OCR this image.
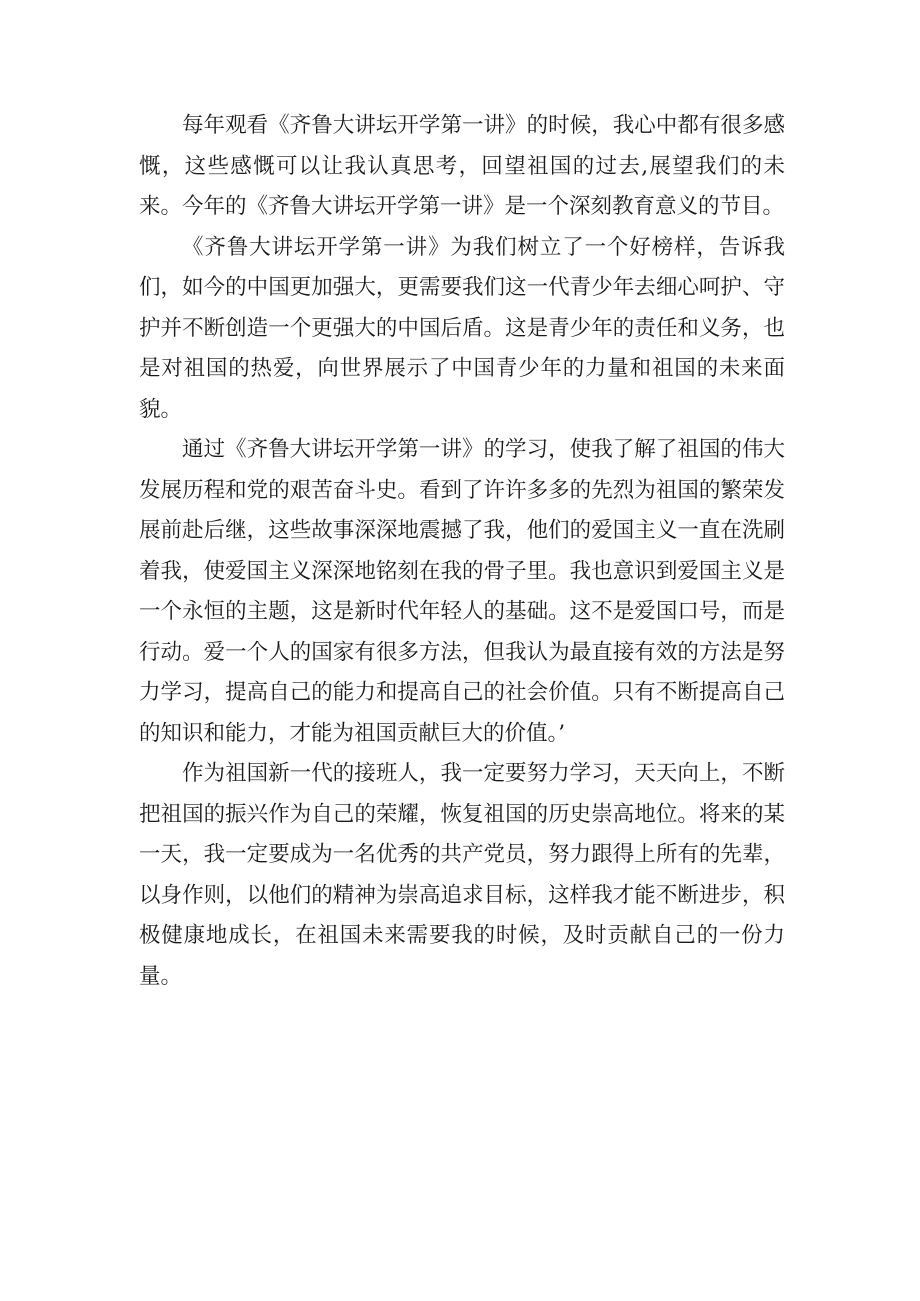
每年观看《齐鲁大讲坛开学第一讲》的时候，我心中都有很多感慨，这些感慨可以让我认真思考，回望祖国的过去,展望我们的未来。今年的《齐鲁大讲坛开学第一讲》是一个深刻教育意义的节目。

《齐鲁大讲坛开学第一讲》为我们树立了一个好榜样，告诉我们，如今的中国更加强大，更需要我们这一代青少年去细心呵护、守护并不断创造一个更强大的中国后盾。这是青少年的责任和义务，也是对祖国的热爱，向世界展示了中国青少年的力量和祖国的未来面貌。

通过《齐鲁大讲坛开学第一讲》的学习，使我了解了祖国的伟大发展历程和党的艰苦奋斗史。看到了许许多多的先烈为祖国的繁荣发展前赴后继，这些故事深深地震撼了我，他们的爱国主义一直在洗刷着我，使爱国主义深深地铭刻在我的骨子里。我也意识到爱国主义是一个永恒的主题，这是新时代年轻人的基础。这不是爱国口号，而是行动。爱一个人的国家有很多方法，但我认为最直接有效的方法是努力学习，提高自己的能力和提高自己的社会价值。只有不断提高自己的知识和能力，才能为祖国贡献巨大的价值。’

作为祖国新一代的接班人，我一定要努力学习，天天向上，不断把祖国的振兴作为自己的荣耀，恢复祖国的历史崇高地位。将来的某一天，我一定要成为一名优秀的共产党员，努力跟得上所有的先辈，以身作则，以他们的精神为崇高追求目标，这样我才能不断进步，积极健康地成长，在祖国未来需要我的时候，及时贡献自己的一份力量。
